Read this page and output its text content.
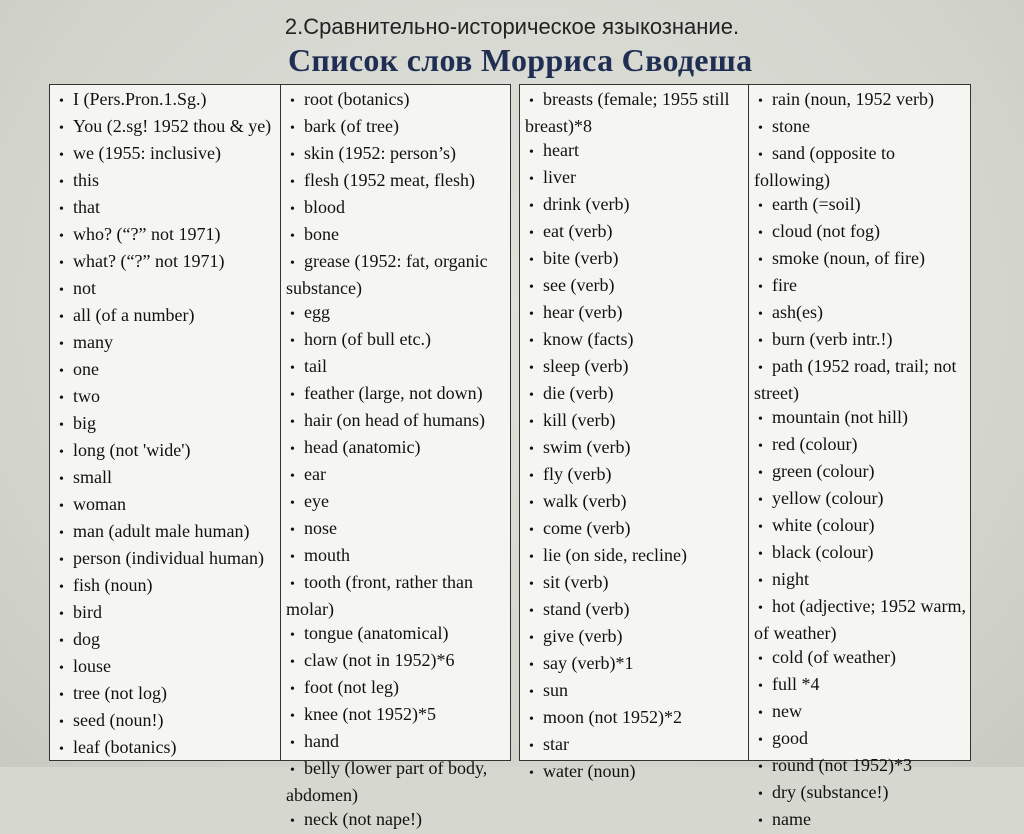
2.Сравнительно-историческое языкознание.
Список слов Морриса Сводеша
• I (Pers.Pron.1.Sg.)
• You (2.sg! 1952 thou & ye)
• we (1955: inclusive)
• this
• that
• who? (“?” not 1971)
• what? (“?” not 1971)
• not
• all (of a number)
• many
• one
• two
• big
• long (not 'wide')
• small
• woman
• man (adult male human)
• person (individual human)
• fish (noun)
• bird
• dog
• louse
• tree (not log)
• seed (noun!)
• leaf (botanics)
• root (botanics)
• bark (of tree)
• skin (1952: person’s)
• flesh (1952 meat, flesh)
• blood
• bone
• grease (1952: fat, organic substance)
• egg
• horn (of bull etc.)
• tail
• feather (large, not down)
• hair (on head of humans)
• head (anatomic)
• ear
• eye
• nose
• mouth
• tooth (front, rather than molar)
• tongue (anatomical)
• claw (not in 1952)*6
• foot (not leg)
• knee (not 1952)*5
• hand
• belly (lower part of body, abdomen)
• neck (not nape!)
• breasts (female; 1955 still breast)*8
• heart
• liver
• drink (verb)
• eat (verb)
• bite (verb)
• see (verb)
• hear (verb)
• know (facts)
• sleep (verb)
• die (verb)
• kill (verb)
• swim (verb)
• fly (verb)
• walk (verb)
• come (verb)
• lie (on side, recline)
• sit (verb)
• stand (verb)
• give (verb)
• say (verb)*1
• sun
• moon (not 1952)*2
• star
• water (noun)
• rain (noun, 1952 verb)
• stone
• sand (opposite to following)
• earth (=soil)
• cloud (not fog)
• smoke (noun, of fire)
• fire
• ash(es)
• burn (verb intr.!)
• path (1952 road, trail; not street)
• mountain (not hill)
• red (colour)
• green (colour)
• yellow (colour)
• white (colour)
• black (colour)
• night
• hot (adjective; 1952 warm, of weather)
• cold (of weather)
• full *4
• new
• good
• round (not 1952)*3
• dry (substance!)
• name
